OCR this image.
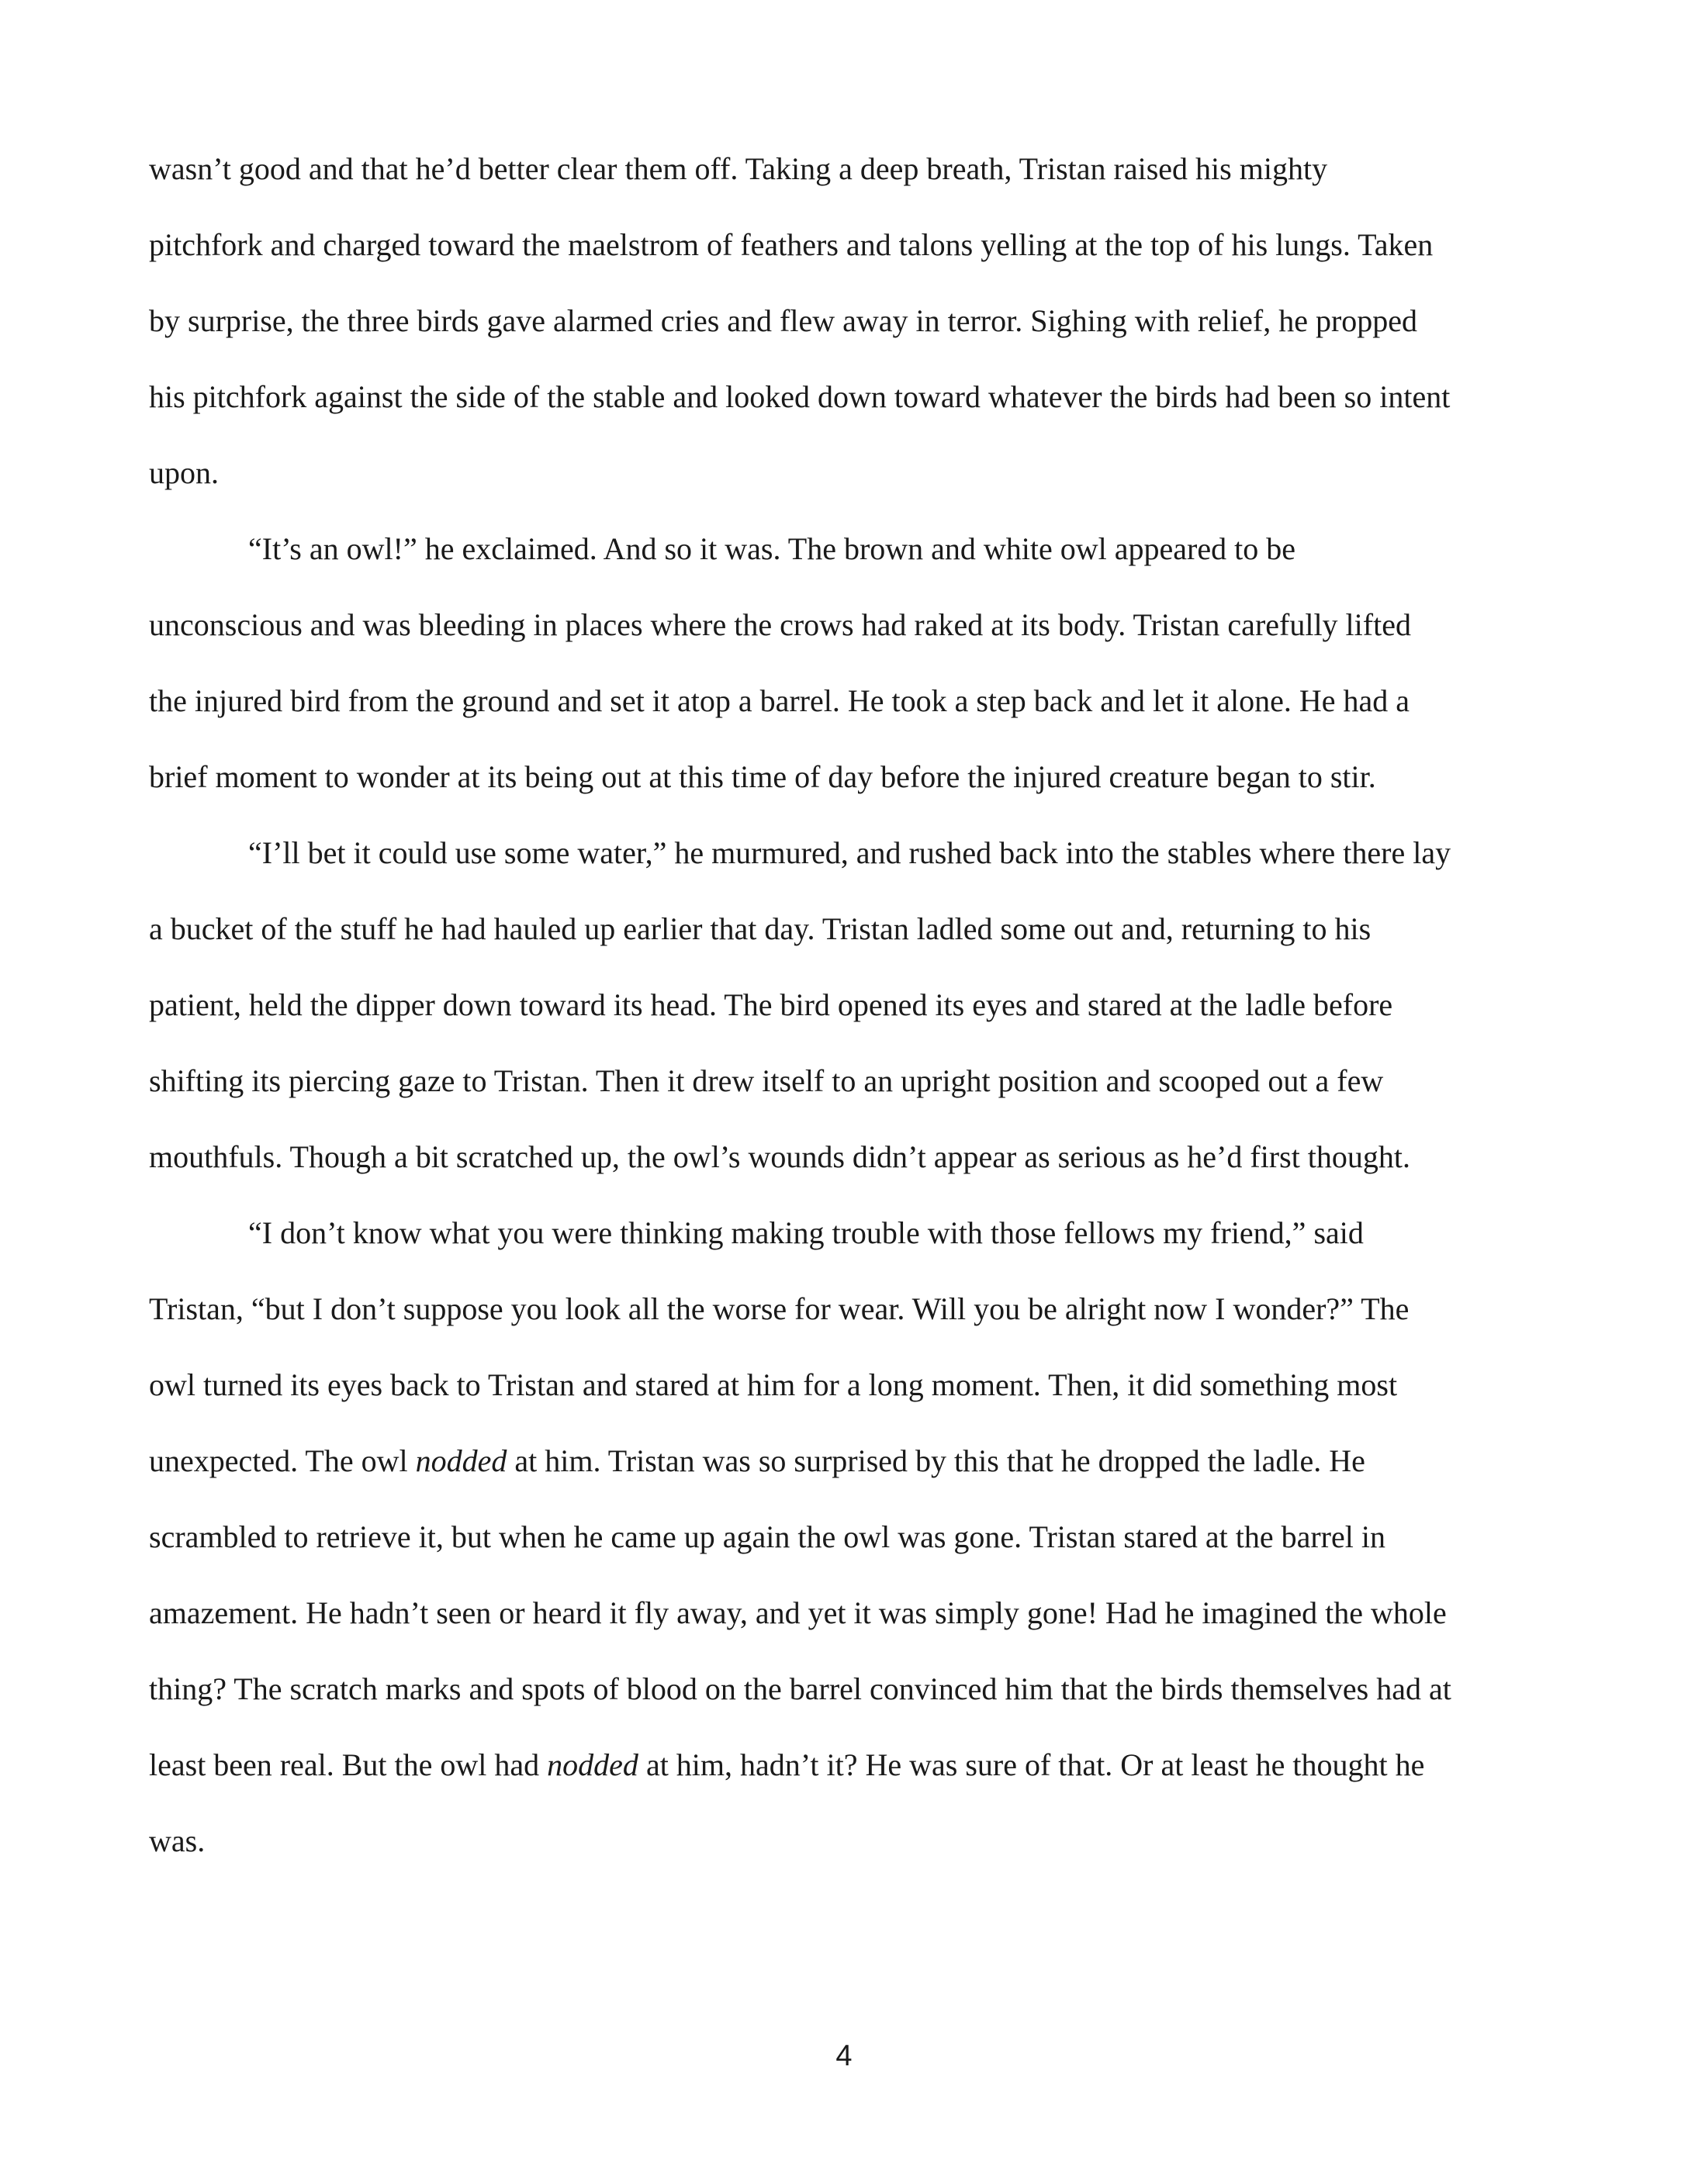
wasn’t good and that he’d better clear them off. Taking a deep breath, Tristan raised his mighty
pitchfork and charged toward the maelstrom of feathers and talons yelling at the top of his lungs. Taken
by surprise, the three birds gave alarmed cries and flew away in terror. Sighing with relief, he propped
his pitchfork against the side of the stable and looked down toward whatever the birds had been so intent
upon.
“It’s an owl!” he exclaimed. And so it was. The brown and white owl appeared to be
unconscious and was bleeding in places where the crows had raked at its body. Tristan carefully lifted
the injured bird from the ground and set it atop a barrel. He took a step back and let it alone. He had a
brief moment to wonder at its being out at this time of day before the injured creature began to stir.
“I’ll bet it could use some water,” he murmured, and rushed back into the stables where there lay
a bucket of the stuff he had hauled up earlier that day. Tristan ladled some out and, returning to his
patient, held the dipper down toward its head. The bird opened its eyes and stared at the ladle before
shifting its piercing gaze to Tristan. Then it drew itself to an upright position and scooped out a few
mouthfuls. Though a bit scratched up, the owl’s wounds didn’t appear as serious as he’d first thought.
“I don’t know what you were thinking making trouble with those fellows my friend,” said
Tristan, “but I don’t suppose you look all the worse for wear. Will you be alright now I wonder?” The
owl turned its eyes back to Tristan and stared at him for a long moment. Then, it did something most
unexpected. The owl nodded at him. Tristan was so surprised by this that he dropped the ladle. He
scrambled to retrieve it, but when he came up again the owl was gone. Tristan stared at the barrel in
amazement. He hadn’t seen or heard it fly away, and yet it was simply gone! Had he imagined the whole
thing? The scratch marks and spots of blood on the barrel convinced him that the birds themselves had at
least been real. But the owl had nodded at him, hadn’t it? He was sure of that. Or at least he thought he
was.
4
